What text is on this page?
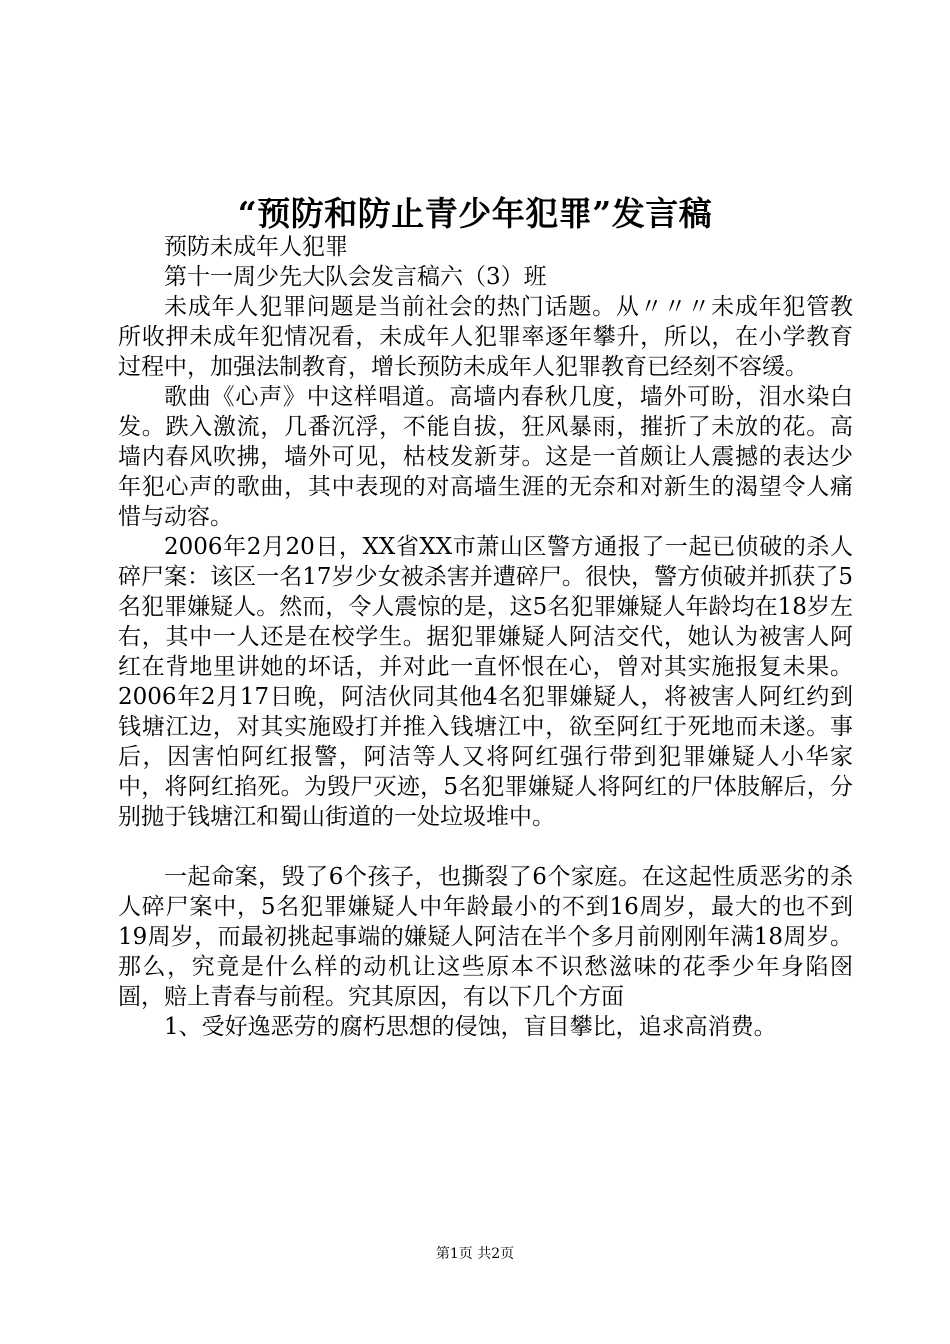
“预防和防止青少年犯罪”发言稿

预防未成年人犯罪

第十一周少先大队会发言稿六（3）班

未成年人犯罪问题是当前社会的热门话题。从〃〃〃未成年犯管教所收押未成年犯情况看，未成年人犯罪率逐年攀升，所以，在小学教育过程中，加强法制教育，增长预防未成年人犯罪教育已经刻不容缓。

歌曲《心声》中这样唱道。高墙内春秋几度，墙外可盼，泪水染白发。跌入激流，几番沉浮，不能自拔，狂风暴雨，摧折了未放的花。高墙内春风吹拂，墙外可见，枯枝发新芽。这是一首颇让人震撼的表达少年犯心声的歌曲，其中表现的对高墙生涯的无奈和对新生的渴望令人痛惜与动容。

2006年2月20日，XX省XX市萧山区警方通报了一起已侦破的杀人碎尸案：该区一名17岁少女被杀害并遭碎尸。很快，警方侦破并抓获了5名犯罪嫌疑人。然而，令人震惊的是，这5名犯罪嫌疑人年龄均在18岁左右，其中一人还是在校学生。据犯罪嫌疑人阿洁交代，她认为被害人阿红在背地里讲她的坏话，并对此一直怀恨在心，曾对其实施报复未果。2006年2月17日晚，阿洁伙同其他4名犯罪嫌疑人，将被害人阿红约到钱塘江边，对其实施殴打并推入钱塘江中，欲至阿红于死地而未遂。事后，因害怕阿红报警，阿洁等人又将阿红强行带到犯罪嫌疑人小华家中，将阿红掐死。为毁尸灭迹，5名犯罪嫌疑人将阿红的尸体肢解后，分别抛于钱塘江和蜀山街道的一处垃圾堆中。

一起命案，毁了6个孩子，也撕裂了6个家庭。在这起性质恶劣的杀人碎尸案中，5名犯罪嫌疑人中年龄最小的不到16周岁，最大的也不到19周岁，而最初挑起事端的嫌疑人阿洁在半个多月前刚刚年满18周岁。那么，究竟是什么样的动机让这些原本不识愁滋味的花季少年身陷囹圄，赔上青春与前程。究其原因，有以下几个方面

1、受好逸恶劳的腐朽思想的侵蚀，盲目攀比，追求高消费。

第1页 共2页
